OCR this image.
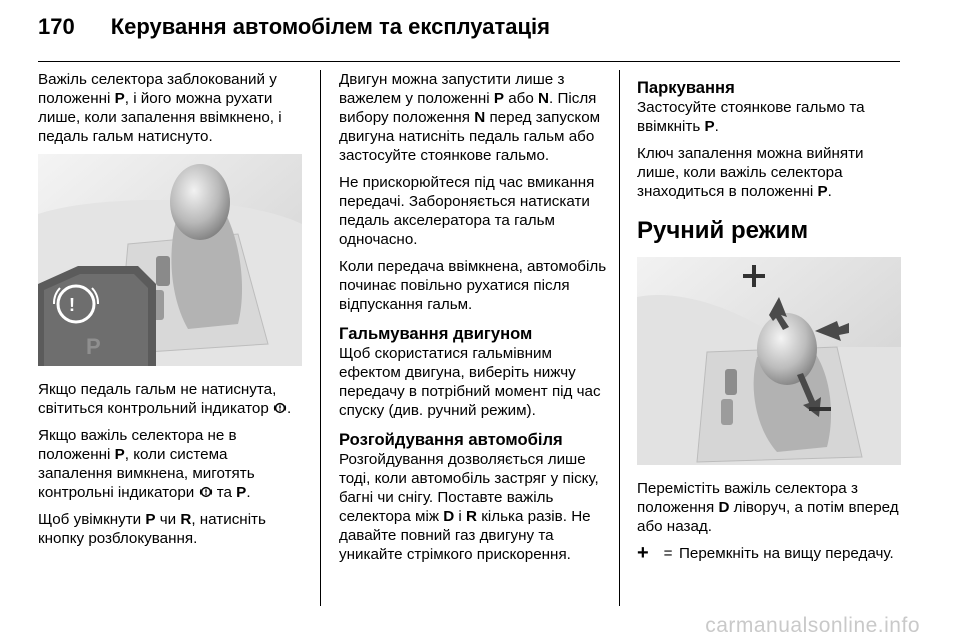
170 Керування автомобілем та експлуатація

Важіль селектора заблокований у положенні P, і його можна рухати лише, коли запалення ввімкнено, і педаль гальм натиснуто.

!
P

Якщо педаль гальм не натиснута, світиться контрольний індикатор .

Якщо важіль селектора не в положенні P, коли система запалення вимкнена, миготять контрольні індикатори  та P.

Щоб увімкнути P чи R, натисніть кнопку розблокування.

Двигун можна запустити лише з важелем у положенні P або N. Після вибору положення N перед запуском двигуна натисніть педаль гальм або застосуйте стоянкове гальмо.

Не прискорюйтеся під час вмикання передачі. Забороняється натискати педаль акселератора та гальм одночасно.

Коли передача ввімкнена, автомобіль починає повільно рухатися після відпускання гальм.

Гальмування двигуном

Щоб скористатися гальмівним ефектом двигуна, виберіть нижчу передачу в потрібний момент під час спуску (див. ручний режим).

Розгойдування автомобіля

Розгойдування дозволяється лише тоді, коли автомобіль застряг у піску, багні чи снігу. Поставте важіль селектора між D і R кілька разів. Не давайте повний газ двигуну та уникайте стрімкого прискорення.

Паркування

Застосуйте стоянкове гальмо та ввімкніть P.

Ключ запалення можна вийняти лише, коли важіль селектора знаходиться в положенні P.

Ручний режим

Перемістіть важіль селектора з положення D ліворуч, а потім вперед або назад.

+ = Перемкніть на вищу передачу.
carmanualsonline.info
